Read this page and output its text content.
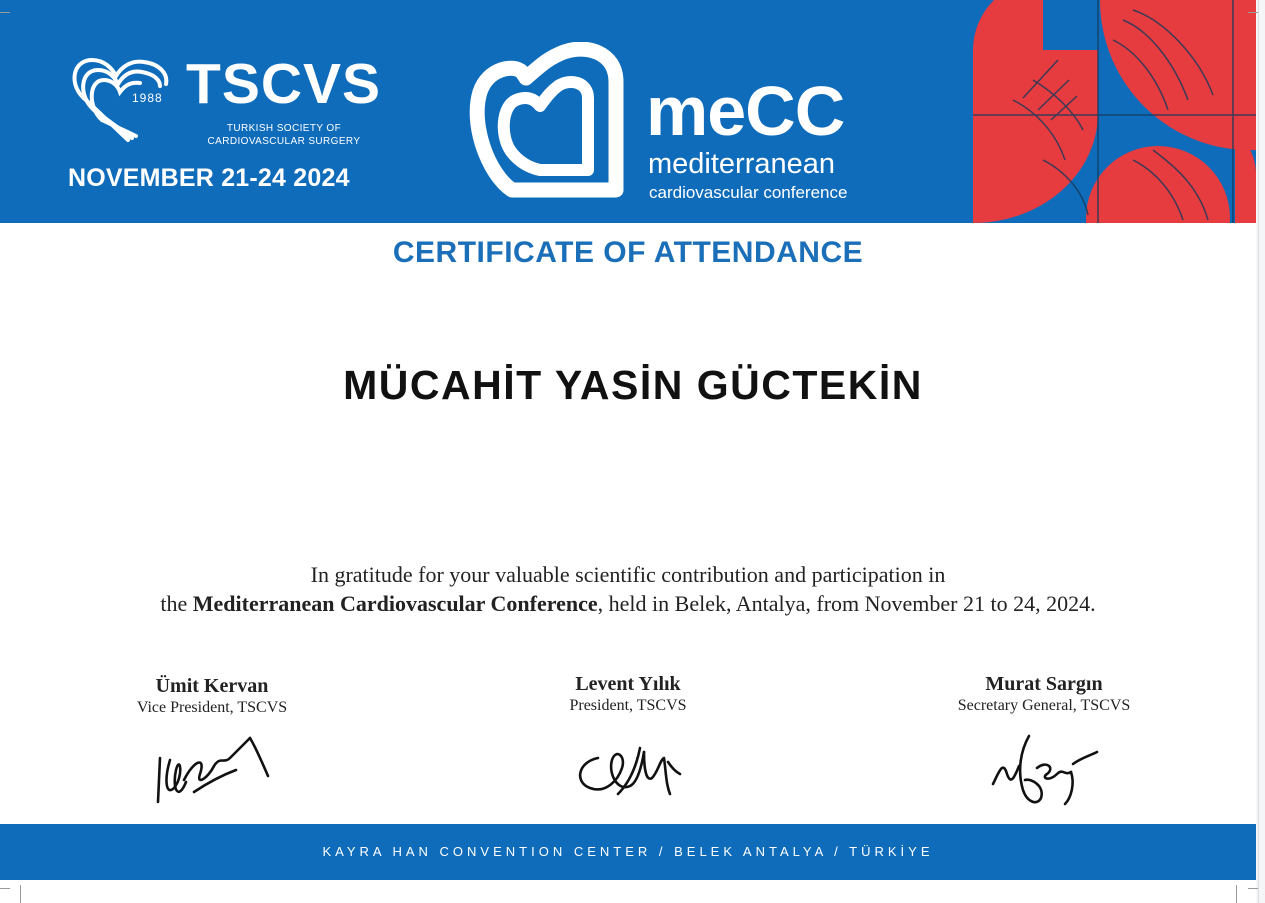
1988 TSCVS
TURKISH SOCIETY OF
CARDIOVASCULAR SURGERY
NOVEMBER 21-24 2024
meCC
mediterranean
cardiovascular conference
CERTIFICATE OF ATTENDANCE
MÜCAHİT YASİN GÜCTEKİN
In gratitude for your valuable scientific contribution and participation in
the Mediterranean Cardiovascular Conference, held in Belek, Antalya, from November 21 to 24, 2024.
Ümit Kervan
Vice President, TSCVS
Levent Yılık
President, TSCVS
Murat Sargın
Secretary General, TSCVS
KAYRA HAN CONVENTION CENTER / BELEK ANTALYA / TÜRKİYE
